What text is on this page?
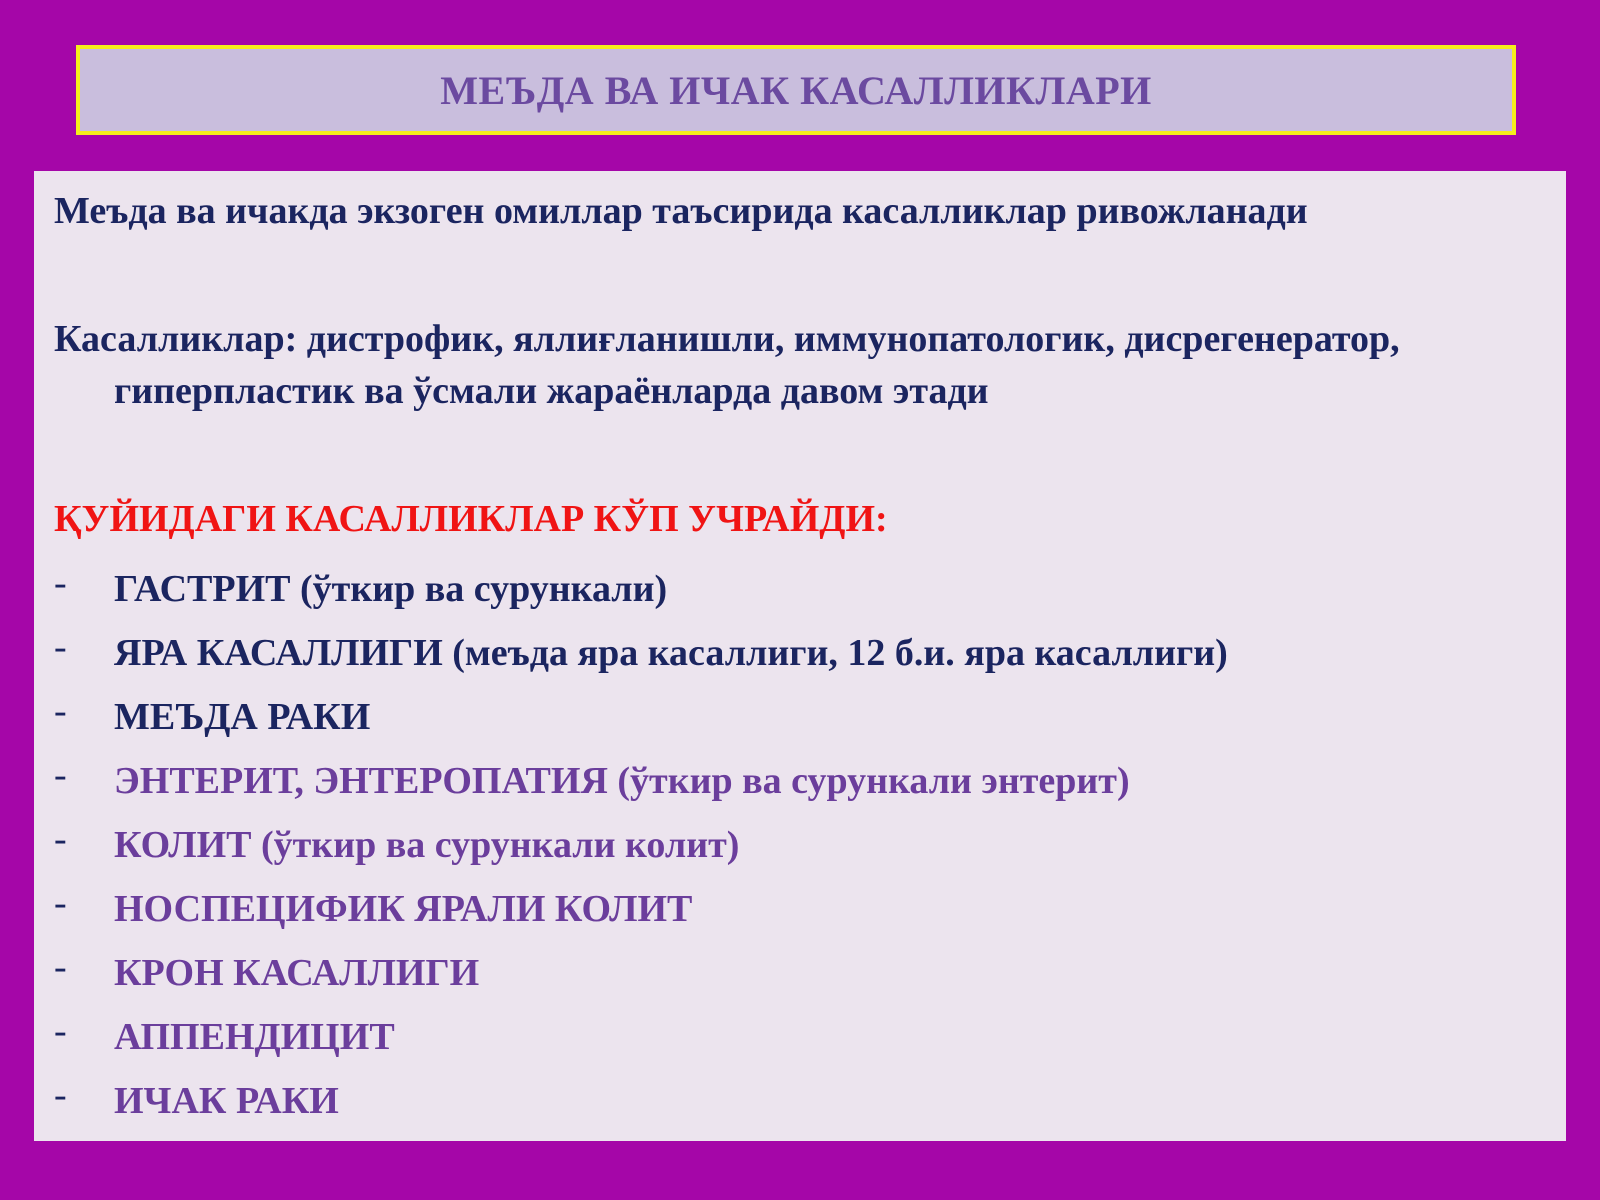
МЕЪДА ВА ИЧАК КАСАЛЛИКЛАРИ

Меъда ва ичакда экзоген омиллар таъсирида касалликлар ривожланади

Касалликлар: дистрофик, яллиғланишли, иммунопатологик, дисрегенератор, гиперпластик ва ўсмали жараёнларда давом этади

ҚУЙИДАГИ КАСАЛЛИКЛАР КЎП УЧРАЙДИ:

-	ГАСТРИТ (ўткир ва сурункали)
-	ЯРА КАСАЛЛИГИ (меъда яра касаллиги, 12 б.и. яра касаллиги)
-	МЕЪДА РАКИ
-	ЭНТЕРИТ, ЭНТЕРОПАТИЯ (ўткир ва сурункали энтерит)
-	КОЛИТ (ўткир ва сурункали колит)
-	НОСПЕЦИФИК ЯРАЛИ КОЛИТ
-	КРОН КАСАЛЛИГИ
-	АППЕНДИЦИТ
-	ИЧАК РАКИ
